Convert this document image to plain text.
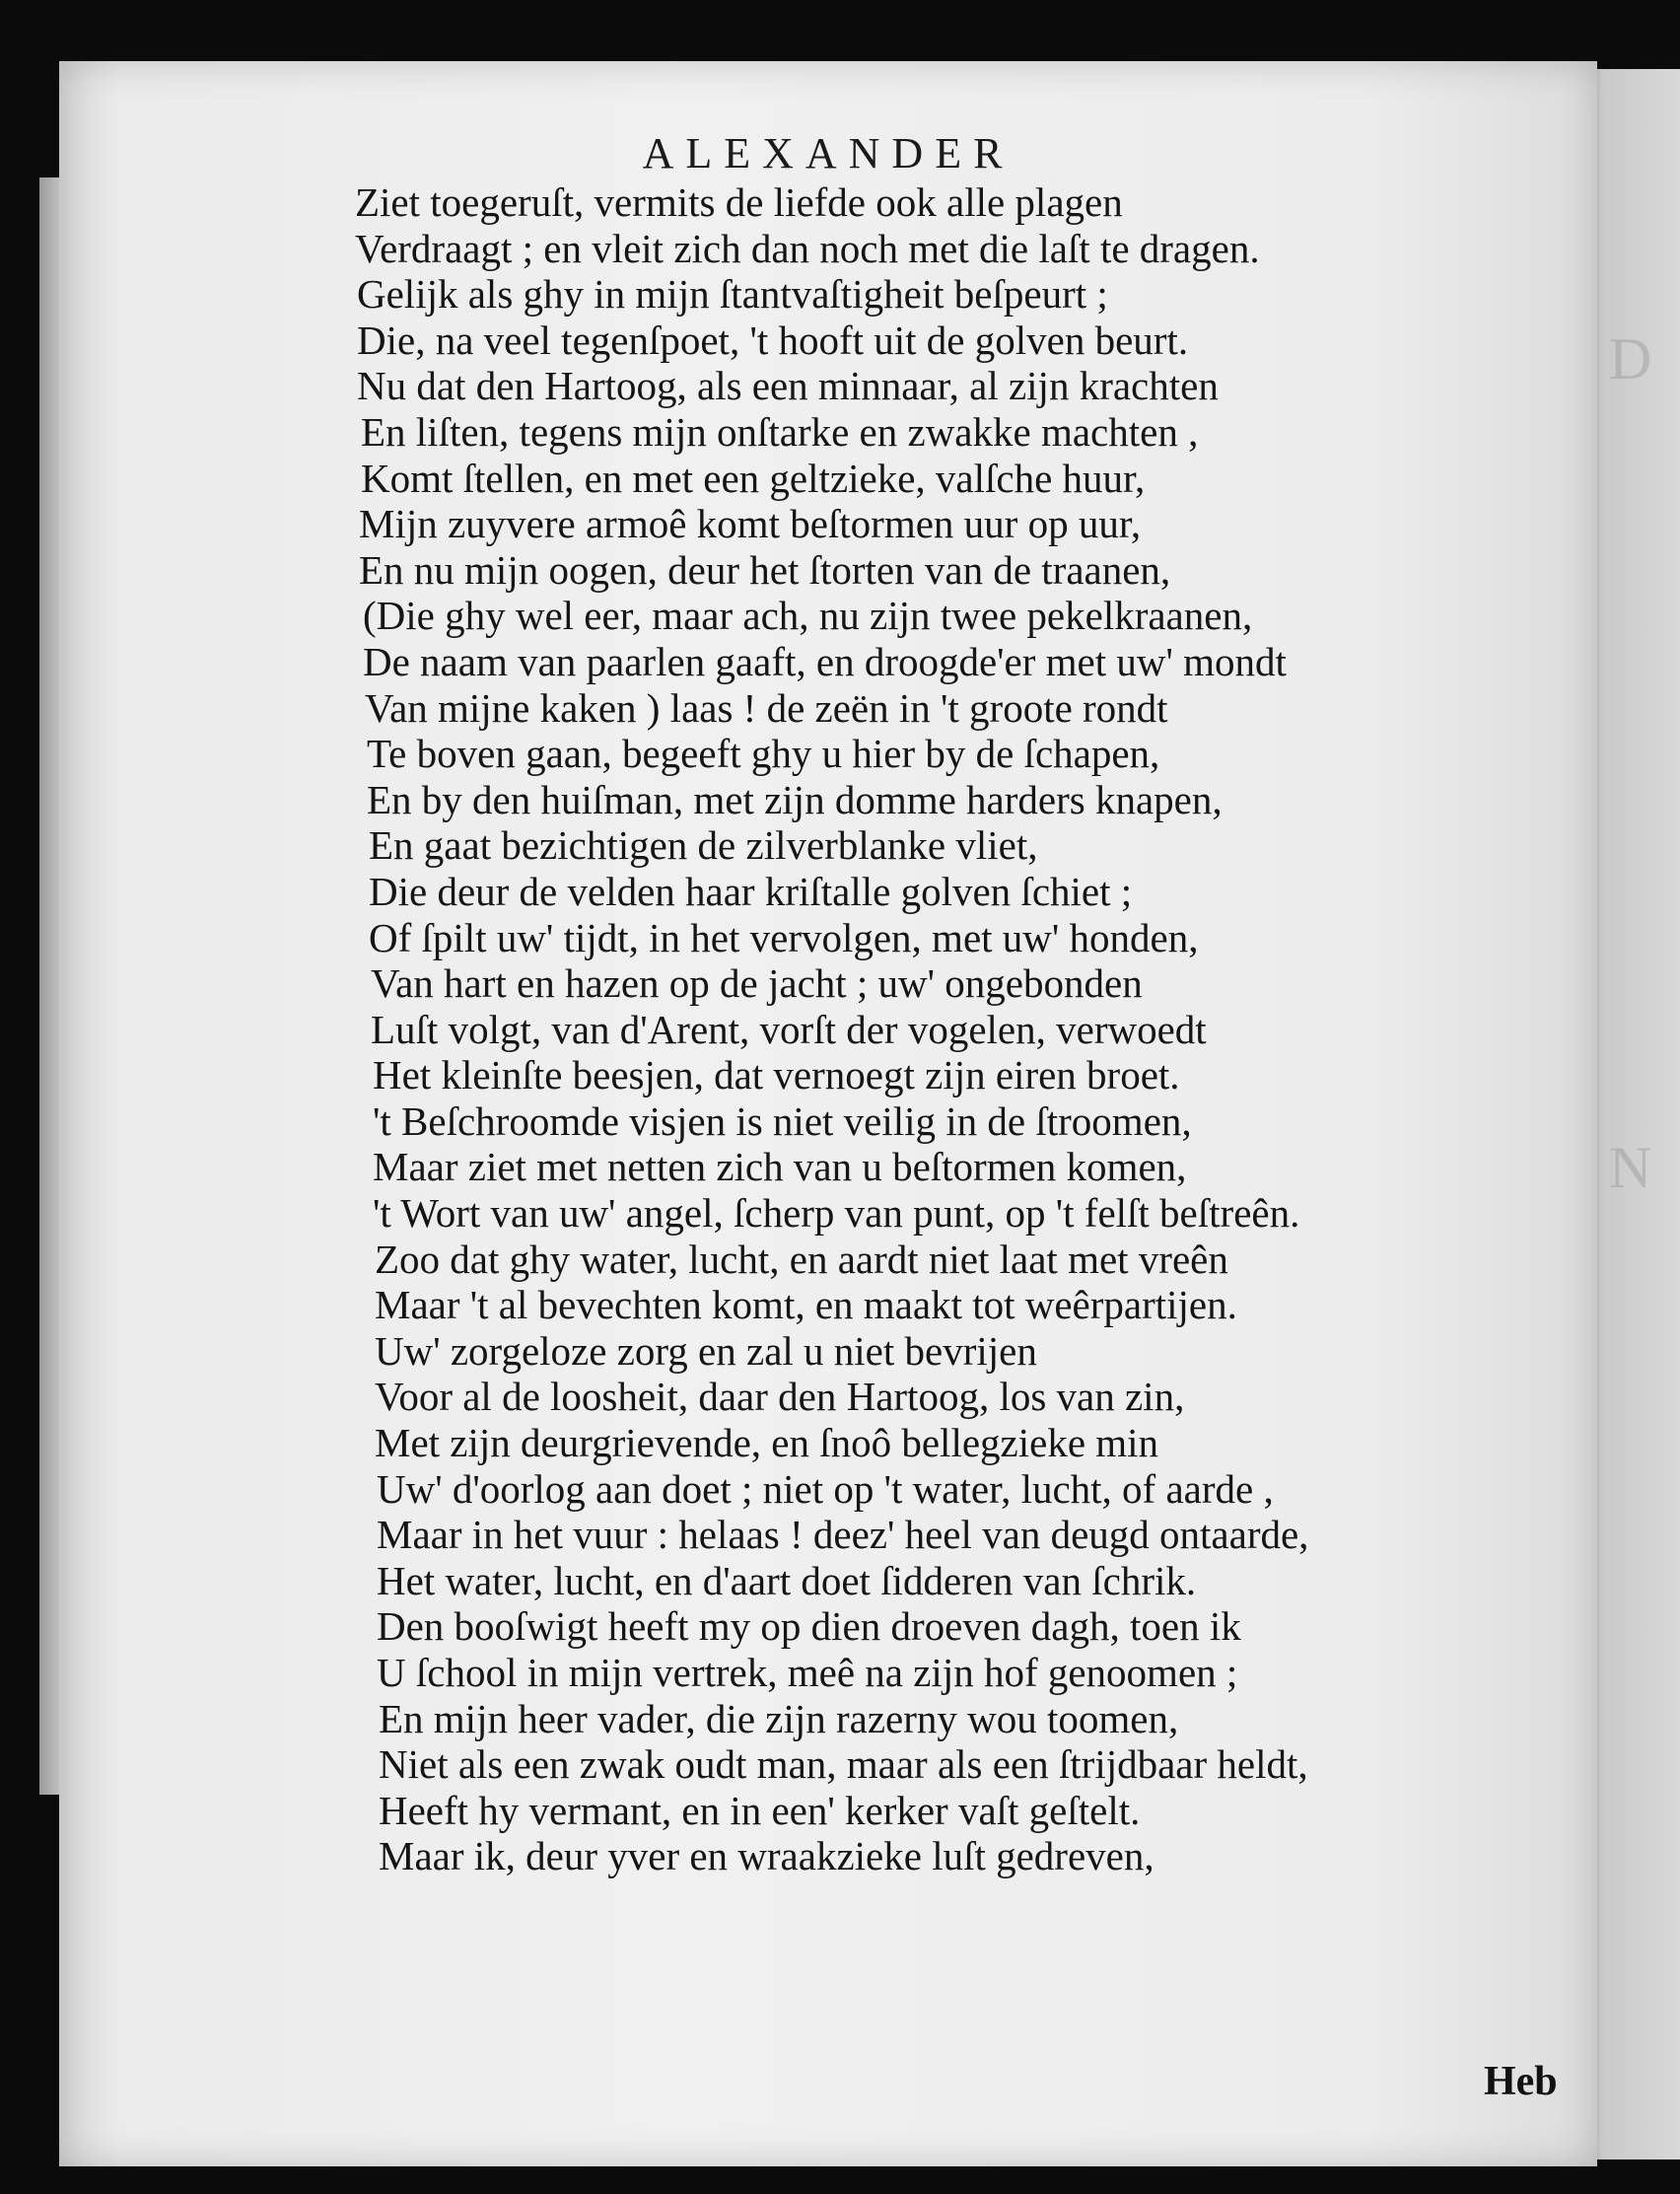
D
N
ALEXANDER
Ziet toegeruſt, vermits de liefde ook alle plagen
Verdraagt ; en vleit zich dan noch met die laſt te dragen.
Gelijk als ghy in mijn ſtantvaſtigheit beſpeurt ;
Die, na veel tegenſpoet, 't hooft uit de golven beurt.
Nu dat den Hartoog, als een minnaar, al zijn krachten
En liſten, tegens mijn onſtarke en zwakke machten ,
Komt ſtellen, en met een geltzieke, valſche huur,
Mijn zuyvere armoê komt beſtormen uur op uur,
En nu mijn oogen, deur het ſtorten van de traanen,
(Die ghy wel eer, maar ach, nu zijn twee pekelkraanen,
De naam van paarlen gaaft, en droogde'er met uw' mondt
Van mijne kaken ) laas ! de zeën in 't groote rondt
Te boven gaan, begeeft ghy u hier by de ſchapen,
En by den huiſman, met zijn domme harders knapen,
En gaat bezichtigen de zilverblanke vliet,
Die deur de velden haar kriſtalle golven ſchiet ;
Of ſpilt uw' tijdt, in het vervolgen, met uw' honden,
Van hart en hazen op de jacht ; uw' ongebonden
Luſt volgt, van d'Arent, vorſt der vogelen, verwoedt
Het kleinſte beesjen, dat vernoegt zijn eiren broet.
't Beſchroomde visjen is niet veilig in de ſtroomen,
Maar ziet met netten zich van u beſtormen komen,
't Wort van uw' angel, ſcherp van punt, op 't felſt beſtreên.
Zoo dat ghy water, lucht, en aardt niet laat met vreên
Maar 't al bevechten komt, en maakt tot weêrpartijen.
Uw' zorgeloze zorg en zal u niet bevrijen
Voor al de loosheit, daar den Hartoog, los van zin,
Met zijn deurgrievende, en ſnoô bellegzieke min
Uw' d'oorlog aan doet ; niet op 't water, lucht, of aarde ,
Maar in het vuur : helaas ! deez' heel van deugd ontaarde,
Het water, lucht, en d'aart doet ſidderen van ſchrik.
Den booſwigt heeft my op dien droeven dagh, toen ik
U ſchool in mijn vertrek, meê na zijn hof genoomen ;
En mijn heer vader, die zijn razerny wou toomen,
Niet als een zwak oudt man, maar als een ſtrijdbaar heldt,
Heeft hy vermant, en in een' kerker vaſt geſtelt.
Maar ik, deur yver en wraakzieke luſt gedreven,
Heb
